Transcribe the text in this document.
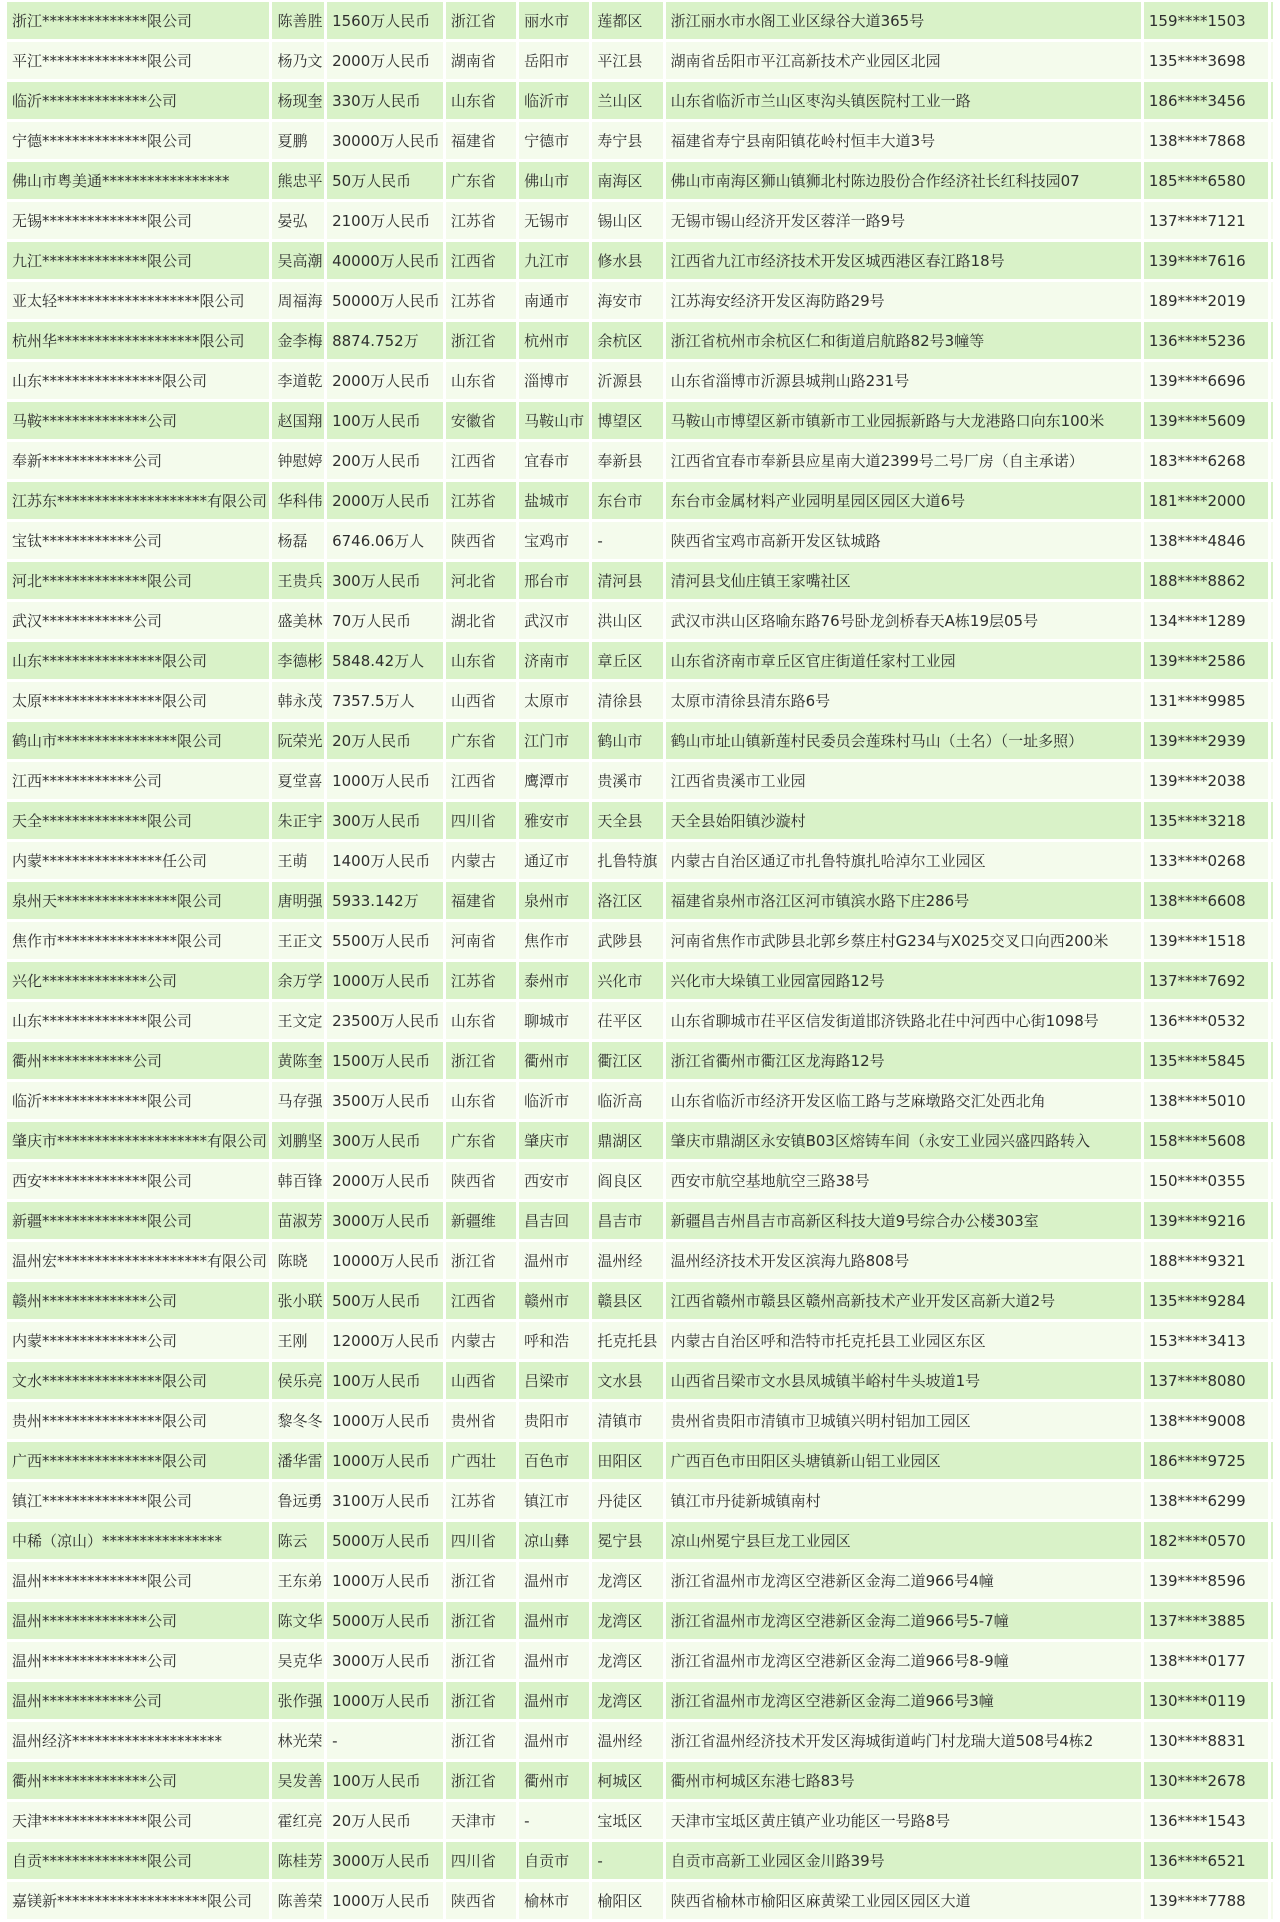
浙江**************限公司	陈善胜	1560万人民币	浙江省	丽水市	莲都区	浙江丽水市水阁工业区绿谷大道365号	159****1503	
平江**************限公司	杨乃文	2000万人民币	湖南省	岳阳市	平江县	湖南省岳阳市平江高新技术产业园区北园	135****3698	
临沂**************公司	杨现奎	330万人民币	山东省	临沂市	兰山区	山东省临沂市兰山区枣沟头镇医院村工业一路	186****3456	
宁德**************限公司	夏鹏	30000万人民币	福建省	宁德市	寿宁县	福建省寿宁县南阳镇花岭村恒丰大道3号	138****7868	
佛山市粤美通*****************	熊忠平	50万人民币	广东省	佛山市	南海区	佛山市南海区狮山镇狮北村陈边股份合作经济社长红科技园07	185****6580	
无锡**************限公司	晏弘	2100万人民币	江苏省	无锡市	锡山区	无锡市锡山经济开发区蓉洋一路9号	137****7121	
九江**************限公司	吴高潮	40000万人民币	江西省	九江市	修水县	江西省九江市经济技术开发区城西港区春江路18号	139****7616	
亚太轻*******************限公司	周福海	50000万人民币	江苏省	南通市	海安市	江苏海安经济开发区海防路29号	189****2019	
杭州华*******************限公司	金李梅	8874.752万	浙江省	杭州市	余杭区	浙江省杭州市余杭区仁和街道启航路82号3幢等	136****5236	
山东****************限公司	李道乾	2000万人民币	山东省	淄博市	沂源县	山东省淄博市沂源县城荆山路231号	139****6696	
马鞍**************公司	赵国翔	100万人民币	安徽省	马鞍山市	博望区	马鞍山市博望区新市镇新市工业园振新路与大龙港路口向东100米	139****5609	
奉新************公司	钟慰婷	200万人民币	江西省	宜春市	奉新县	江西省宜春市奉新县应星南大道2399号二号厂房（自主承诺）	183****6268	
江苏东********************有限公司	华科伟	2000万人民币	江苏省	盐城市	东台市	东台市金属材料产业园明星园区园区大道6号	181****2000	
宝钛************公司	杨磊	6746.06万人	陕西省	宝鸡市	-	陕西省宝鸡市高新开发区钛城路	138****4846	
河北**************限公司	王贵兵	300万人民币	河北省	邢台市	清河县	清河县戈仙庄镇王家嘴社区	188****8862	
武汉************公司	盛美林	70万人民币	湖北省	武汉市	洪山区	武汉市洪山区珞喻东路76号卧龙剑桥春天A栋19层05号	134****1289	
山东****************限公司	李德彬	5848.42万人	山东省	济南市	章丘区	山东省济南市章丘区官庄街道任家村工业园	139****2586	
太原****************限公司	韩永茂	7357.5万人	山西省	太原市	清徐县	太原市清徐县清东路6号	131****9985	
鹤山市****************限公司	阮荣光	20万人民币	广东省	江门市	鹤山市	鹤山市址山镇新莲村民委员会莲珠村马山（土名）（一址多照）	139****2939	
江西************公司	夏堂喜	1000万人民币	江西省	鹰潭市	贵溪市	江西省贵溪市工业园	139****2038	
天全**************限公司	朱正宇	300万人民币	四川省	雅安市	天全县	天全县始阳镇沙漩村	135****3218	
内蒙****************任公司	王萌	1400万人民币	内蒙古	通辽市	扎鲁特旗	内蒙古自治区通辽市扎鲁特旗扎哈淖尔工业园区	133****0268	
泉州天****************限公司	唐明强	5933.142万	福建省	泉州市	洛江区	福建省泉州市洛江区河市镇滨水路下庄286号	138****6608	
焦作市****************限公司	王正文	5500万人民币	河南省	焦作市	武陟县	河南省焦作市武陟县北郭乡蔡庄村G234与X025交叉口向西200米	139****1518	
兴化**************公司	余万学	1000万人民币	江苏省	泰州市	兴化市	兴化市大垛镇工业园富园路12号	137****7692	
山东**************限公司	王文定	23500万人民币	山东省	聊城市	茌平区	山东省聊城市茌平区信发街道邯济铁路北茌中河西中心街1098号	136****0532	
衢州************公司	黄陈奎	1500万人民币	浙江省	衢州市	衢江区	浙江省衢州市衢江区龙海路12号	135****5845	
临沂**************限公司	马存强	3500万人民币	山东省	临沂市	临沂高	山东省临沂市经济开发区临工路与芝麻墩路交汇处西北角	138****5010	
肇庆市********************有限公司	刘鹏坚	300万人民币	广东省	肇庆市	鼎湖区	肇庆市鼎湖区永安镇B03区熔铸车间（永安工业园兴盛四路转入	158****5608	
西安**************限公司	韩百锋	2000万人民币	陕西省	西安市	阎良区	西安市航空基地航空三路38号	150****0355	
新疆**************限公司	苗淑芳	3000万人民币	新疆维	昌吉回	昌吉市	新疆昌吉州昌吉市高新区科技大道9号综合办公楼303室	139****9216	
温州宏********************有限公司	陈晓	10000万人民币	浙江省	温州市	温州经	温州经济技术开发区滨海九路808号	188****9321	
赣州**************公司	张小联	500万人民币	江西省	赣州市	赣县区	江西省赣州市赣县区赣州高新技术产业开发区高新大道2号	135****9284	
内蒙**************公司	王刚	12000万人民币	内蒙古	呼和浩	托克托县	内蒙古自治区呼和浩特市托克托县工业园区东区	153****3413	
文水****************限公司	侯乐亮	100万人民币	山西省	吕梁市	文水县	山西省吕梁市文水县凤城镇半峪村牛头坡道1号	137****8080	
贵州****************限公司	黎冬冬	1000万人民币	贵州省	贵阳市	清镇市	贵州省贵阳市清镇市卫城镇兴明村铝加工园区	138****9008	
广西****************限公司	潘华雷	1000万人民币	广西壮	百色市	田阳区	广西百色市田阳区头塘镇新山铝工业园区	186****9725	
镇江**************限公司	鲁远勇	3100万人民币	江苏省	镇江市	丹徒区	镇江市丹徒新城镇南村	138****6299	
中稀（凉山）****************	陈云	5000万人民币	四川省	凉山彝	冕宁县	凉山州冕宁县巨龙工业园区	182****0570	
温州**************限公司	王东弟	1000万人民币	浙江省	温州市	龙湾区	浙江省温州市龙湾区空港新区金海二道966号4幢	139****8596	
温州**************公司	陈文华	5000万人民币	浙江省	温州市	龙湾区	浙江省温州市龙湾区空港新区金海二道966号5-7幢	137****3885	
温州**************公司	吴克华	3000万人民币	浙江省	温州市	龙湾区	浙江省温州市龙湾区空港新区金海二道966号8-9幢	138****0177	
温州************公司	张作强	1000万人民币	浙江省	温州市	龙湾区	浙江省温州市龙湾区空港新区金海二道966号3幢	130****0119	
温州经济********************	林光荣	-	浙江省	温州市	温州经	浙江省温州经济技术开发区海城街道屿门村龙瑞大道508号4栋2	130****8831	
衢州**************公司	吴发善	100万人民币	浙江省	衢州市	柯城区	衢州市柯城区东港七路83号	130****2678	
天津**************限公司	霍红亮	20万人民币	天津市	-	宝坻区	天津市宝坻区黄庄镇产业功能区一号路8号	136****1543	
自贡**************限公司	陈桂芳	3000万人民币	四川省	自贡市	-	自贡市高新工业园区金川路39号	136****6521	
嘉镁新********************限公司	陈善荣	1000万人民币	陕西省	榆林市	榆阳区	陕西省榆林市榆阳区麻黄梁工业园区园区大道	139****7788	
